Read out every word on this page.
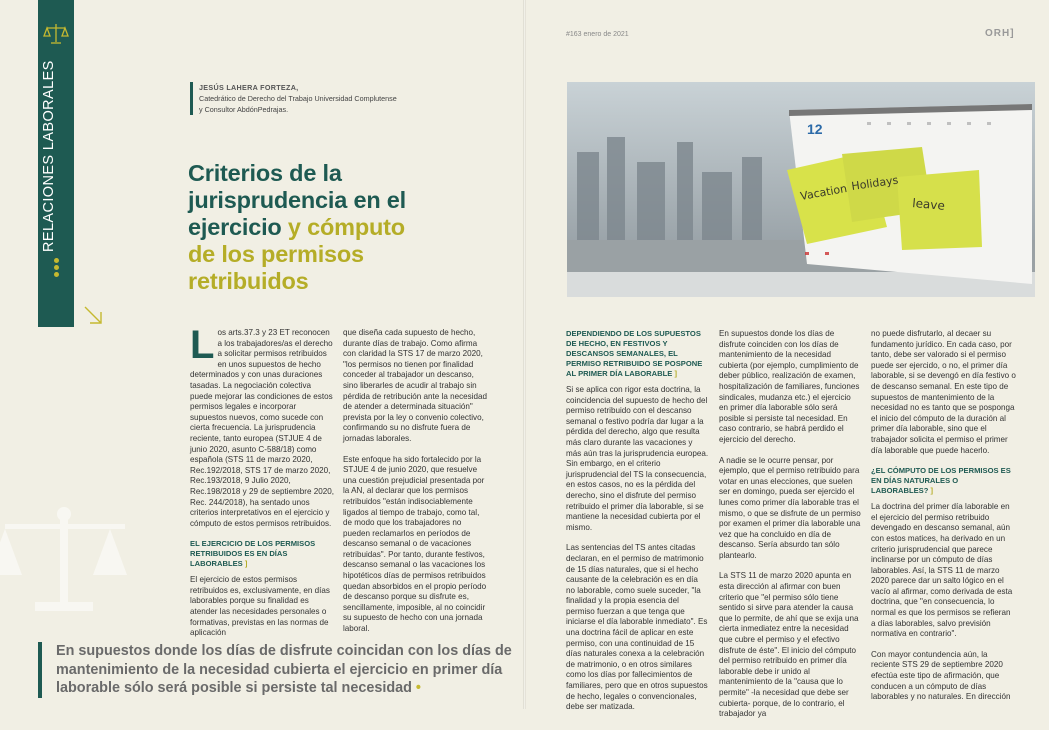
RELACIONES LABORALES	JESÚS LAHERA FORTEZA,
Catedrático de Derecho del Trabajo Universidad Complutense
y Consultor AbdónPedrajas.
Criterios de la
jurisprudencia en el
ejercicio y cómputo
de los permisos
retribuidos

Los arts.37.3 y 23 ET reconocen a los trabajadores/as el derecho a solicitar permisos retribuidos en unos supuestos de hecho determinados y con unas duraciones tasadas. La negociación colectiva puede mejorar las condiciones de estos permisos legales e incorporar supuestos nuevos, como sucede con cierta frecuencia. La jurisprudencia reciente, tanto europea (STJUE 4 de junio 2020, asunto C-588/18) como española (STS 11 de marzo 2020, Rec.192/2018, STS 17 de marzo 2020, Rec.193/2018, 9 Julio 2020, Rec.198/2018 y 29 de septiembre 2020, Rec. 244/2018), ha sentado unos criterios interpretativos en el ejercicio y cómputo de estos permisos retribuidos.

EL EJERCICIO DE LOS PERMISOS RETRIBUIDOS ES EN DÍAS LABORABLES ]

El ejercicio de estos permisos retribuidos es, exclusivamente, en días laborables porque su finalidad es atender las necesidades personales o formativas, previstas en las normas de aplicación

que diseña cada supuesto de hecho, durante días de trabajo. Como afirma con claridad la STS 17 de marzo 2020, "los permisos no tienen por finalidad conceder al trabajador un descanso, sino liberarles de acudir al trabajo sin pérdida de retribución ante la necesidad de atender a determinada situación" prevista por la ley o convenio colectivo, confirmando su no disfrute fuera de jornadas laborales.

Este enfoque ha sido fortalecido por la STJUE 4 de junio 2020, que resuelve una cuestión prejudicial presentada por la AN, al declarar que los permisos retribuidos "están indisociablemente ligados al tiempo de trabajo, como tal, de modo que los trabajadores no pueden reclamarlos en períodos de descanso semanal o de vacaciones retribuidas". Por tanto, durante festivos, descanso semanal o las vacaciones los hipotéticos días de permisos retribuidos quedan absorbidos en el propio período de descanso porque su disfrute es, sencillamente, imposible, al no coincidir su supuesto de hecho con una jornada laboral.

En supuestos donde los días de disfrute coincidan con los días de mantenimiento de la necesidad cubierta el ejercicio en primer día laborable sólo será posible si persiste tal necesidad •
#163 enero de 2021	ORH]
12
Vacation Holidays
leave
DEPENDIENDO DE LOS SUPUESTOS DE HECHO, EN FESTIVOS Y DESCANSOS SEMANALES, EL PERMISO RETRIBUIDO SE POSPONE AL PRIMER DÍA LABORABLE ]

Si se aplica con rigor esta doctrina, la coincidencia del supuesto de hecho del permiso retribuido con el descanso semanal o festivo podría dar lugar a la pérdida del derecho, algo que resulta más claro durante las vacaciones y más aún tras la jurisprudencia europea. Sin embargo, en el criterio jurisprudencial del TS la consecuencia, en estos casos, no es la pérdida del derecho, sino el disfrute del permiso retribuido el primer día laborable, si se mantiene la necesidad cubierta por el mismo.

Las sentencias del TS antes citadas declaran, en el permiso de matrimonio de 15 días naturales, que si el hecho causante de la celebración es en día no laborable, como suele suceder, "la finalidad y la propia esencia del permiso fuerzan a que tenga que iniciarse el día laborable inmediato". Es una doctrina fácil de aplicar en este permiso, con una continuidad de 15 días naturales conexa a la celebración de matrimonio, o en otros similares como los días por fallecimientos de familiares, pero que en otros supuestos de hecho, legales o convencionales, debe ser matizada.

En supuestos donde los días de disfrute coinciden con los días de mantenimiento de la necesidad cubierta (por ejemplo, cumplimiento de deber público, realización de examen, hospitalización de familiares, funciones sindicales, mudanza etc.) el ejercicio en primer día laborable sólo será posible si persiste tal necesidad. En caso contrario, se habrá perdido el ejercicio del derecho.

A nadie se le ocurre pensar, por ejemplo, que el permiso retribuido para votar en unas elecciones, que suelen ser en domingo, pueda ser ejercido el lunes como primer día laborable tras el mismo, o que se disfrute de un permiso por examen el primer día laborable una vez que ha concluido en día de descanso. Sería absurdo tan sólo plantearlo.

La STS 11 de marzo 2020 apunta en esta dirección al afirmar con buen criterio que "el permiso sólo tiene sentido si sirve para atender la causa que lo permite, de ahí que se exija una cierta inmediatez entre la necesidad que cubre el permiso y el efectivo disfrute de éste". El inicio del cómputo del permiso retribuido en primer día laborable debe ir unido al mantenimiento de la "causa que lo permite" -la necesidad que debe ser cubierta- porque, de lo contrario, el trabajador ya

no puede disfrutarlo, al decaer su fundamento jurídico. En cada caso, por tanto, debe ser valorado si el permiso puede ser ejercido, o no, el primer día laborable, si se devengó en día festivo o de descanso semanal. En este tipo de supuestos de mantenimiento de la necesidad no es tanto que se posponga el inicio del cómputo de la duración al primer día laborable, sino que el trabajador solicita el permiso el primer día laborable que puede hacerlo.

¿EL CÓMPUTO DE LOS PERMISOS ES EN DÍAS NATURALES O LABORABLES? ]

La doctrina del primer día laborable en el ejercicio del permiso retribuido devengado en descanso semanal, aún con estos matices, ha derivado en un criterio jurisprudencial que parece inclinarse por un cómputo de días laborables. Así, la STS 11 de marzo 2020 parece dar un salto lógico en el vacío al afirmar, como derivada de esta doctrina, que "en consecuencia, lo normal es que los permisos se refieran a días laborables, salvo previsión normativa en contrario".

Con mayor contundencia aún, la reciente STS 29 de septiembre 2020 efectúa este tipo de afirmación, que conducen a un cómputo de días laborables y no naturales. En dirección
